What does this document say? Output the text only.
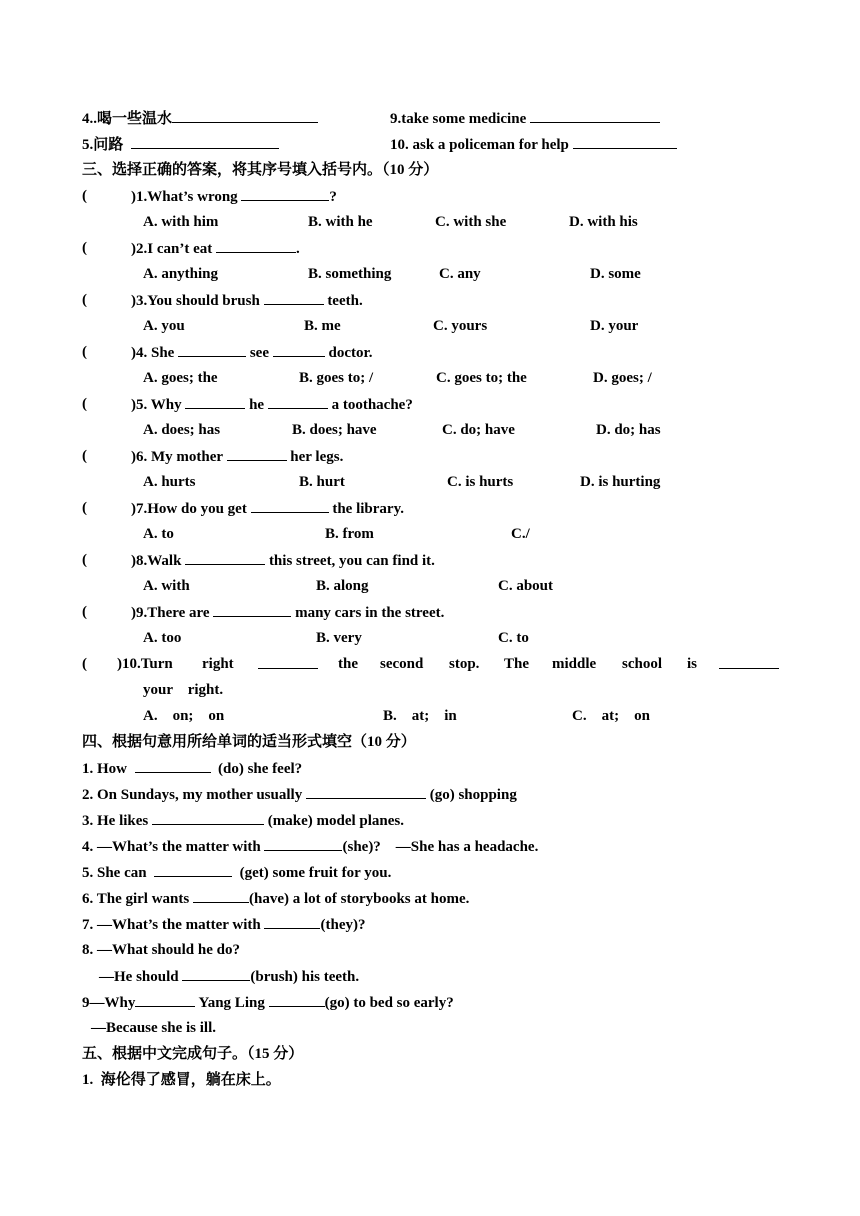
4..喝一些温水	9.take some medicine
5.问路	10. ask a policeman for help
三、选择正确的答案，将其序号填入括号内。（10 分）
(	)1.What’s wrong	?
A. with him	B. with he	C. with she	D. with his
(	)2.I can’t eat	.
A. anything	B. something	C. any	D. some
(	)3.You should brush	teeth.
A. you	B. me	C. yours	D. your
(	)4. She	see	doctor.
A. goes; the	B. goes to; /	C. goes to; the	D. goes; /
(	)5. Why	he	a toothache?
A. does; has	B. does; have	C. do; have	D. do; has
(	)6. My mother	her legs.
A. hurts	B. hurt	C. is hurts	D. is hurting
(	)7.How do you get	the library.
A. to	B. from	C./
(	)8.Walk	this street, you can find it.
A. with	B. along	C. about
(	)9.There are	many cars in the street.
A. too	B. very	C. to
( )10.Turn right	the second stop. The middle school is
your    right.
A.    on;    on	B.    at;    in	C.    at;    on
四、根据句意用所给单词的适当形式填空（10 分）
1. How	(do) she feel?
2. On Sundays, my mother usually	(go) shopping
3. He likes	(make) model planes.
4. —What’s the matter with	(she)?    —She has a headache.
5. She can	(get) some fruit for you.
6. The girl wants	(have) a lot of storybooks at home.
7. —What’s the matter with	(they)?
8. —What should he do?
—He should	(brush) his teeth.
9—Why	Yang Ling	(go) to bed so early?
—Because she is ill.
五、根据中文完成句子。（15 分）
1.  海伦得了感冒，躺在床上。
